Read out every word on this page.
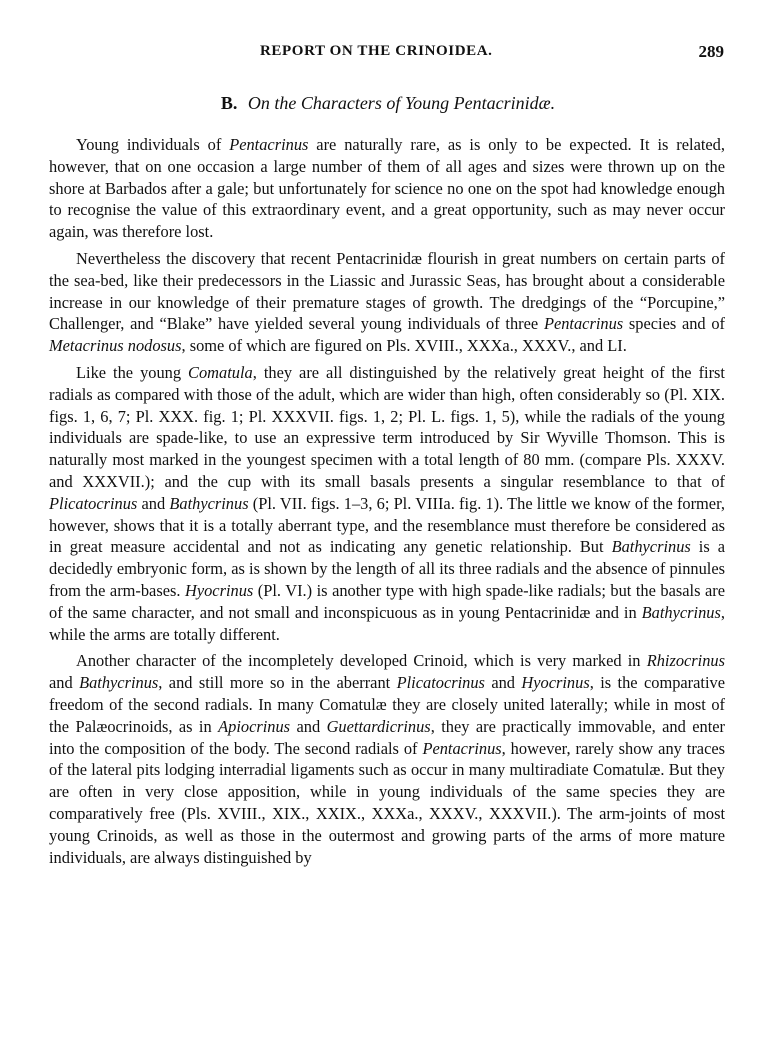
REPORT ON THE CRINOIDEA.	289
B. On the Characters of Young Pentacrinidæ.

Young individuals of Pentacrinus are naturally rare, as is only to be expected. It is related, however, that on one occasion a large number of them of all ages and sizes were thrown up on the shore at Barbados after a gale; but unfortunately for science no one on the spot had knowledge enough to recognise the value of this extraordinary event, and a great opportunity, such as may never occur again, was therefore lost.

Nevertheless the discovery that recent Pentacrinidæ flourish in great numbers on certain parts of the sea-bed, like their predecessors in the Liassic and Jurassic Seas, has brought about a considerable increase in our knowledge of their premature stages of growth. The dredgings of the “Porcupine,” Challenger, and “Blake” have yielded several young individuals of three Pentacrinus species and of Metacrinus nodosus, some of which are figured on Pls. XVIII., XXXa., XXXV., and LI.

Like the young Comatula, they are all distinguished by the relatively great height of the first radials as compared with those of the adult, which are wider than high, often considerably so (Pl. XIX. figs. 1, 6, 7; Pl. XXX. fig. 1; Pl. XXXVII. figs. 1, 2; Pl. L. figs. 1, 5), while the radials of the young individuals are spade-like, to use an expressive term introduced by Sir Wyville Thomson. This is naturally most marked in the youngest specimen with a total length of 80 mm. (compare Pls. XXXV. and XXXVII.); and the cup with its small basals presents a singular resemblance to that of Plicatocrinus and Bathycrinus (Pl. VII. figs. 1–3, 6; Pl. VIIIa. fig. 1). The little we know of the former, however, shows that it is a totally aberrant type, and the resemblance must therefore be considered as in great measure accidental and not as indicating any genetic relationship. But Bathycrinus is a decidedly embryonic form, as is shown by the length of all its three radials and the absence of pinnules from the arm-bases. Hyocrinus (Pl. VI.) is another type with high spade-like radials; but the basals are of the same character, and not small and inconspicuous as in young Pentacrinidæ and in Bathycrinus, while the arms are totally different.

Another character of the incompletely developed Crinoid, which is very marked in Rhizocrinus and Bathycrinus, and still more so in the aberrant Plicatocrinus and Hyocrinus, is the comparative freedom of the second radials. In many Comatulæ they are closely united laterally; while in most of the Palæocrinoids, as in Apiocrinus and Guettardicrinus, they are practically immovable, and enter into the composition of the body. The second radials of Pentacrinus, however, rarely show any traces of the lateral pits lodging interradial ligaments such as occur in many multiradiate Comatulæ. But they are often in very close apposition, while in young individuals of the same species they are comparatively free (Pls. XVIII., XIX., XXIX., XXXa., XXXV., XXXVII.). The arm-joints of most young Crinoids, as well as those in the outermost and growing parts of the arms of more mature individuals, are always distinguished by
